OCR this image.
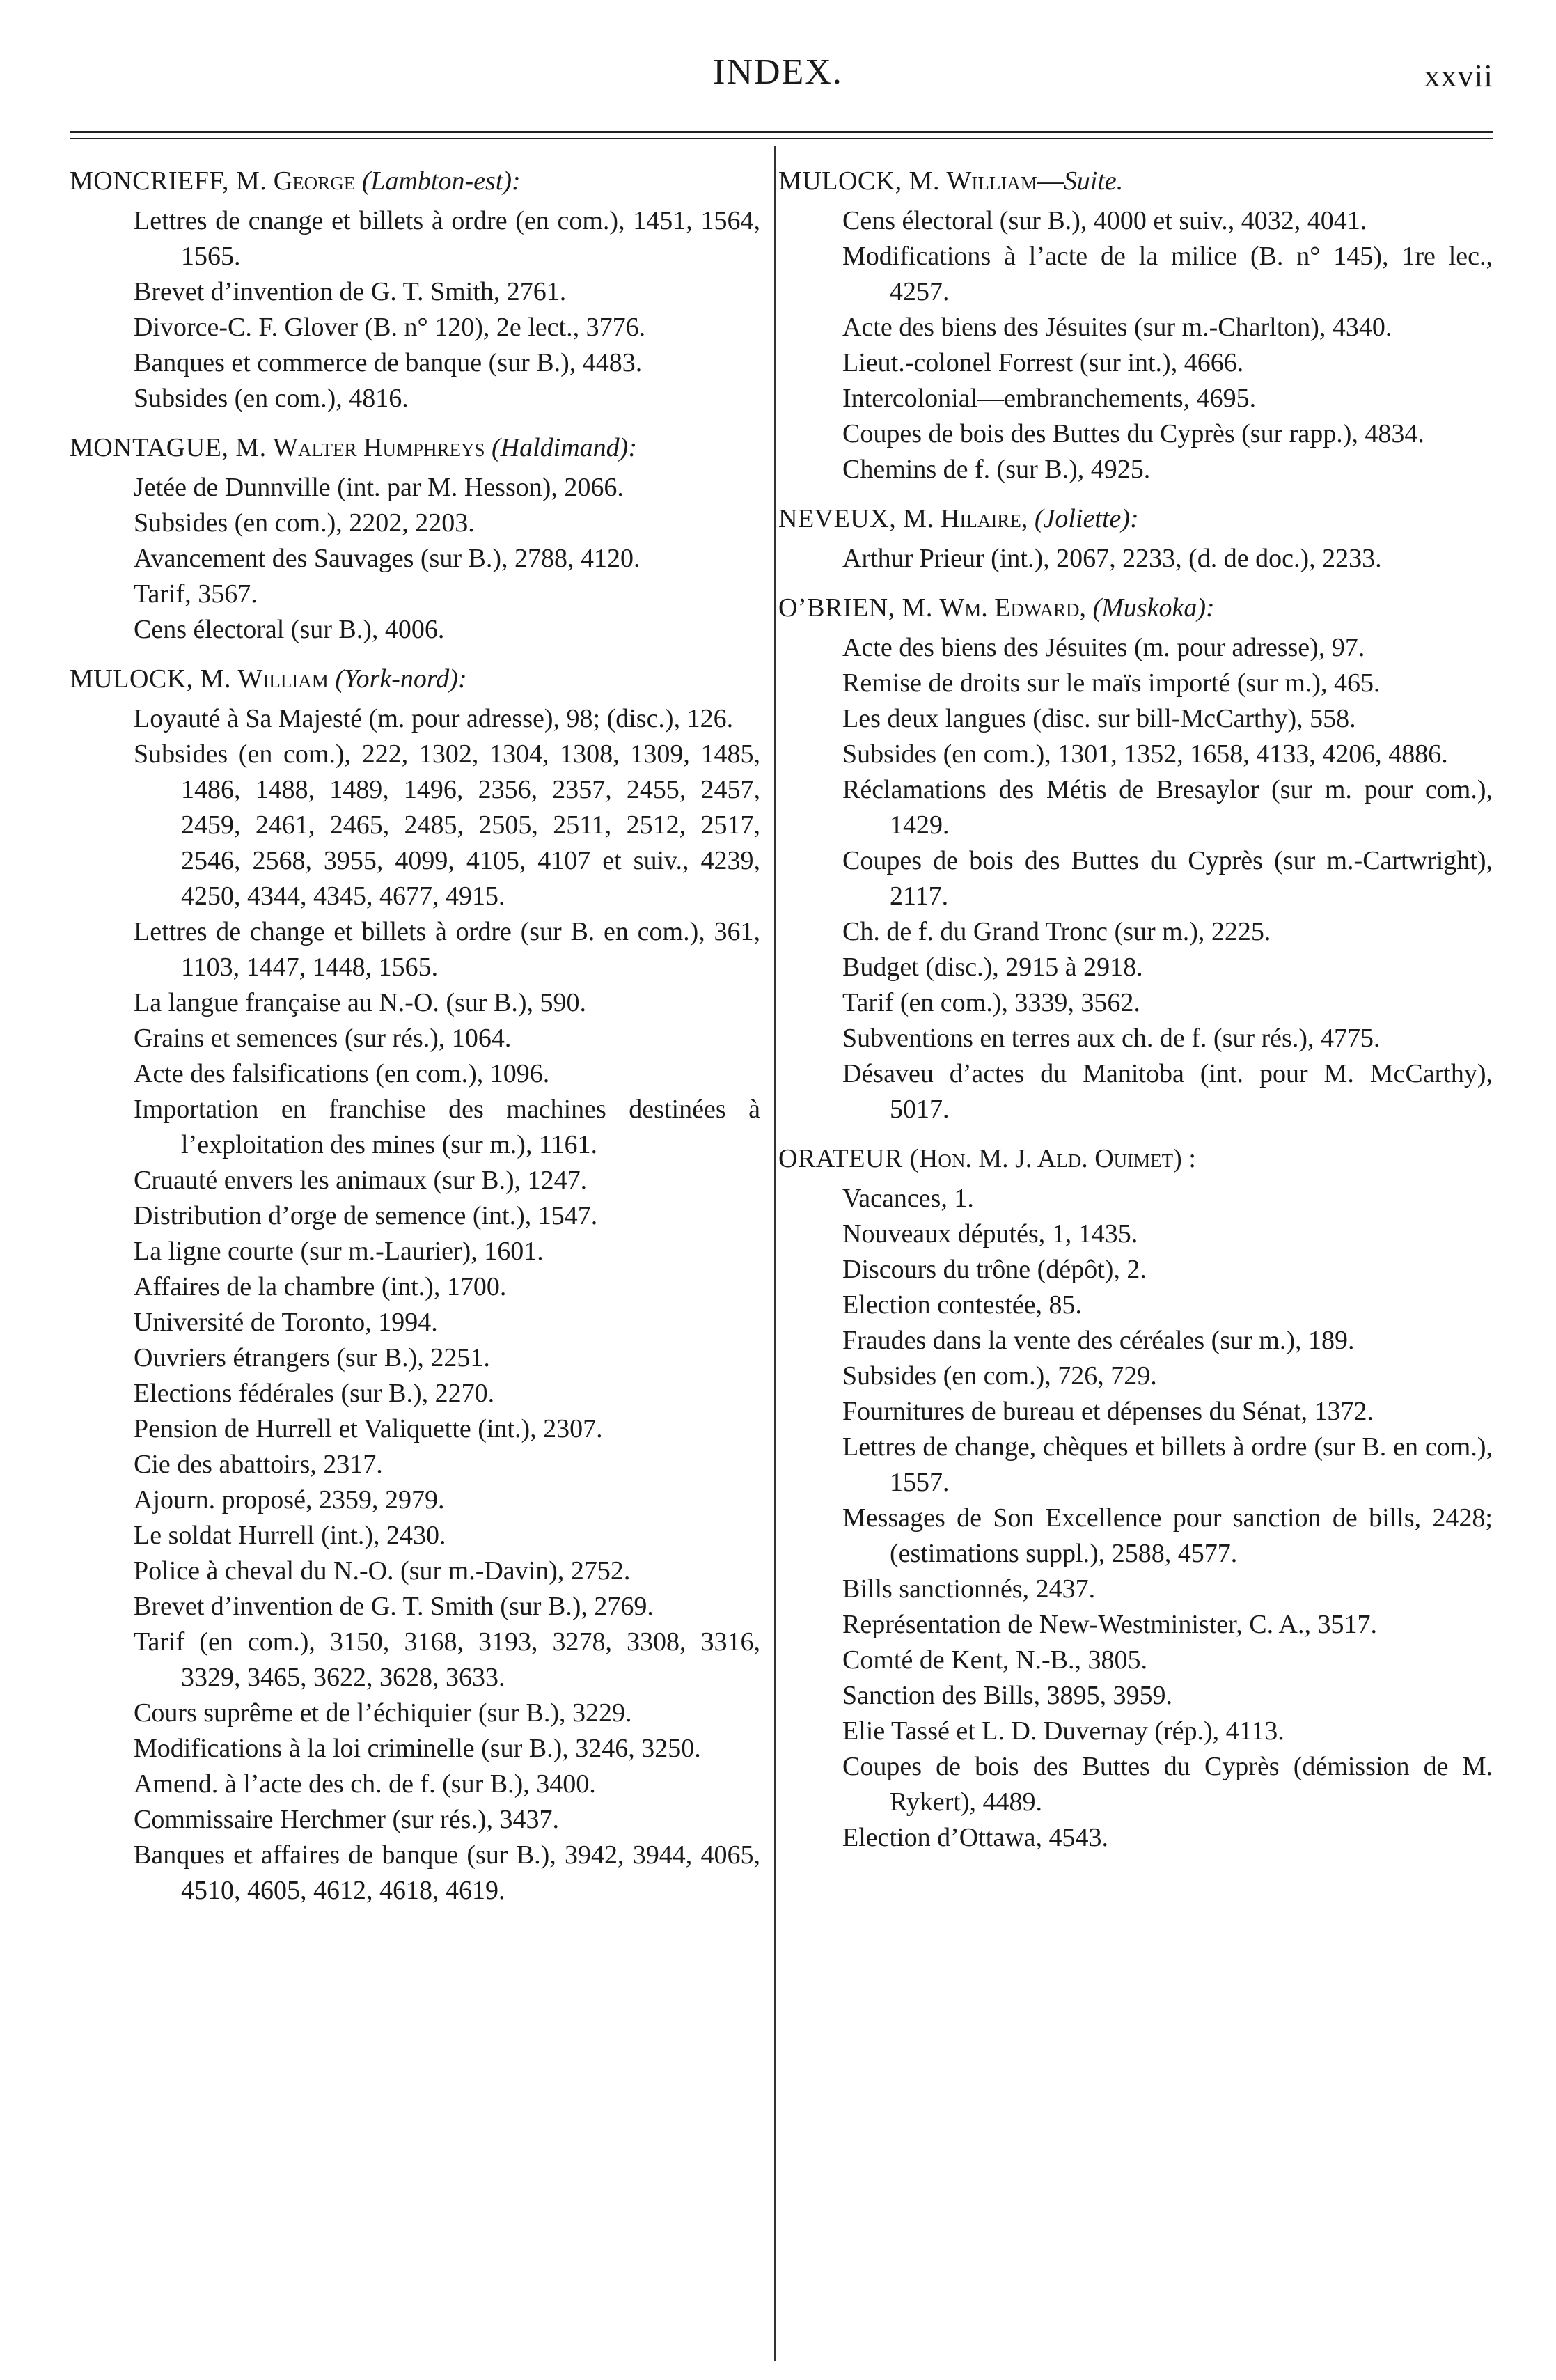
INDEX.	xxvii
MONCRIEFF, M. George (Lambton-est):
Lettres de cnange et billets à ordre (en com.), 1451, 1564, 1565.
Brevet d’invention de G. T. Smith, 2761.
Divorce-C. F. Glover (B. n° 120), 2e lect., 3776.
Banques et commerce de banque (sur B.), 4483.
Subsides (en com.), 4816.
MONTAGUE, M. Walter Humphreys (Haldimand):
Jetée de Dunnville (int. par M. Hesson), 2066.
Subsides (en com.), 2202, 2203.
Avancement des Sauvages (sur B.), 2788, 4120.
Tarif, 3567.
Cens électoral (sur B.), 4006.
MULOCK, M. William (York-nord):
Loyauté à Sa Majesté (m. pour adresse), 98; (disc.), 126.
Subsides (en com.), 222, 1302, 1304, 1308, 1309, 1485, 1486, 1488, 1489, 1496, 2356, 2357, 2455, 2457, 2459, 2461, 2465, 2485, 2505, 2511, 2512, 2517, 2546, 2568, 3955, 4099, 4105, 4107 et suiv., 4239, 4250, 4344, 4345, 4677, 4915.
Lettres de change et billets à ordre (sur B. en com.), 361, 1103, 1447, 1448, 1565.
La langue française au N.-O. (sur B.), 590.
Grains et semences (sur rés.), 1064.
Acte des falsifications (en com.), 1096.
Importation en franchise des machines destinées à l’exploitation des mines (sur m.), 1161.
Cruauté envers les animaux (sur B.), 1247.
Distribution d’orge de semence (int.), 1547.
La ligne courte (sur m.-Laurier), 1601.
Affaires de la chambre (int.), 1700.
Université de Toronto, 1994.
Ouvriers étrangers (sur B.), 2251.
Elections fédérales (sur B.), 2270.
Pension de Hurrell et Valiquette (int.), 2307.
Cie des abattoirs, 2317.
Ajourn. proposé, 2359, 2979.
Le soldat Hurrell (int.), 2430.
Police à cheval du N.-O. (sur m.-Davin), 2752.
Brevet d’invention de G. T. Smith (sur B.), 2769.
Tarif (en com.), 3150, 3168, 3193, 3278, 3308, 3316, 3329, 3465, 3622, 3628, 3633.
Cours suprême et de l’échiquier (sur B.), 3229.
Modifications à la loi criminelle (sur B.), 3246, 3250.
Amend. à l’acte des ch. de f. (sur B.), 3400.
Commissaire Herchmer (sur rés.), 3437.
Banques et affaires de banque (sur B.), 3942, 3944, 4065, 4510, 4605, 4612, 4618, 4619.
MULOCK, M. William—Suite.
Cens électoral (sur B.), 4000 et suiv., 4032, 4041.
Modifications à l’acte de la milice (B. n° 145), 1re lec., 4257.
Acte des biens des Jésuites (sur m.-Charlton), 4340.
Lieut.-colonel Forrest (sur int.), 4666.
Intercolonial—embranchements, 4695.
Coupes de bois des Buttes du Cyprès (sur rapp.), 4834.
Chemins de f. (sur B.), 4925.
NEVEUX, M. Hilaire, (Joliette):
Arthur Prieur (int.), 2067, 2233, (d. de doc.), 2233.
O’BRIEN, M. Wm. Edward, (Muskoka):
Acte des biens des Jésuites (m. pour adresse), 97.
Remise de droits sur le maïs importé (sur m.), 465.
Les deux langues (disc. sur bill-McCarthy), 558.
Subsides (en com.), 1301, 1352, 1658, 4133, 4206, 4886.
Réclamations des Métis de Bresaylor (sur m. pour com.), 1429.
Coupes de bois des Buttes du Cyprès (sur m.-Cartwright), 2117.
Ch. de f. du Grand Tronc (sur m.), 2225.
Budget (disc.), 2915 à 2918.
Tarif (en com.), 3339, 3562.
Subventions en terres aux ch. de f. (sur rés.), 4775.
Désaveu d’actes du Manitoba (int. pour M. McCarthy), 5017.
ORATEUR (Hon. M. J. Ald. Ouimet) :
Vacances, 1.
Nouveaux députés, 1, 1435.
Discours du trône (dépôt), 2.
Election contestée, 85.
Fraudes dans la vente des céréales (sur m.), 189.
Subsides (en com.), 726, 729.
Fournitures de bureau et dépenses du Sénat, 1372.
Lettres de change, chèques et billets à ordre (sur B. en com.), 1557.
Messages de Son Excellence pour sanction de bills, 2428; (estimations suppl.), 2588, 4577.
Bills sanctionnés, 2437.
Représentation de New-Westminister, C. A., 3517.
Comté de Kent, N.-B., 3805.
Sanction des Bills, 3895, 3959.
Elie Tassé et L. D. Duvernay (rép.), 4113.
Coupes de bois des Buttes du Cyprès (démission de M. Rykert), 4489.
Election d’Ottawa, 4543.
